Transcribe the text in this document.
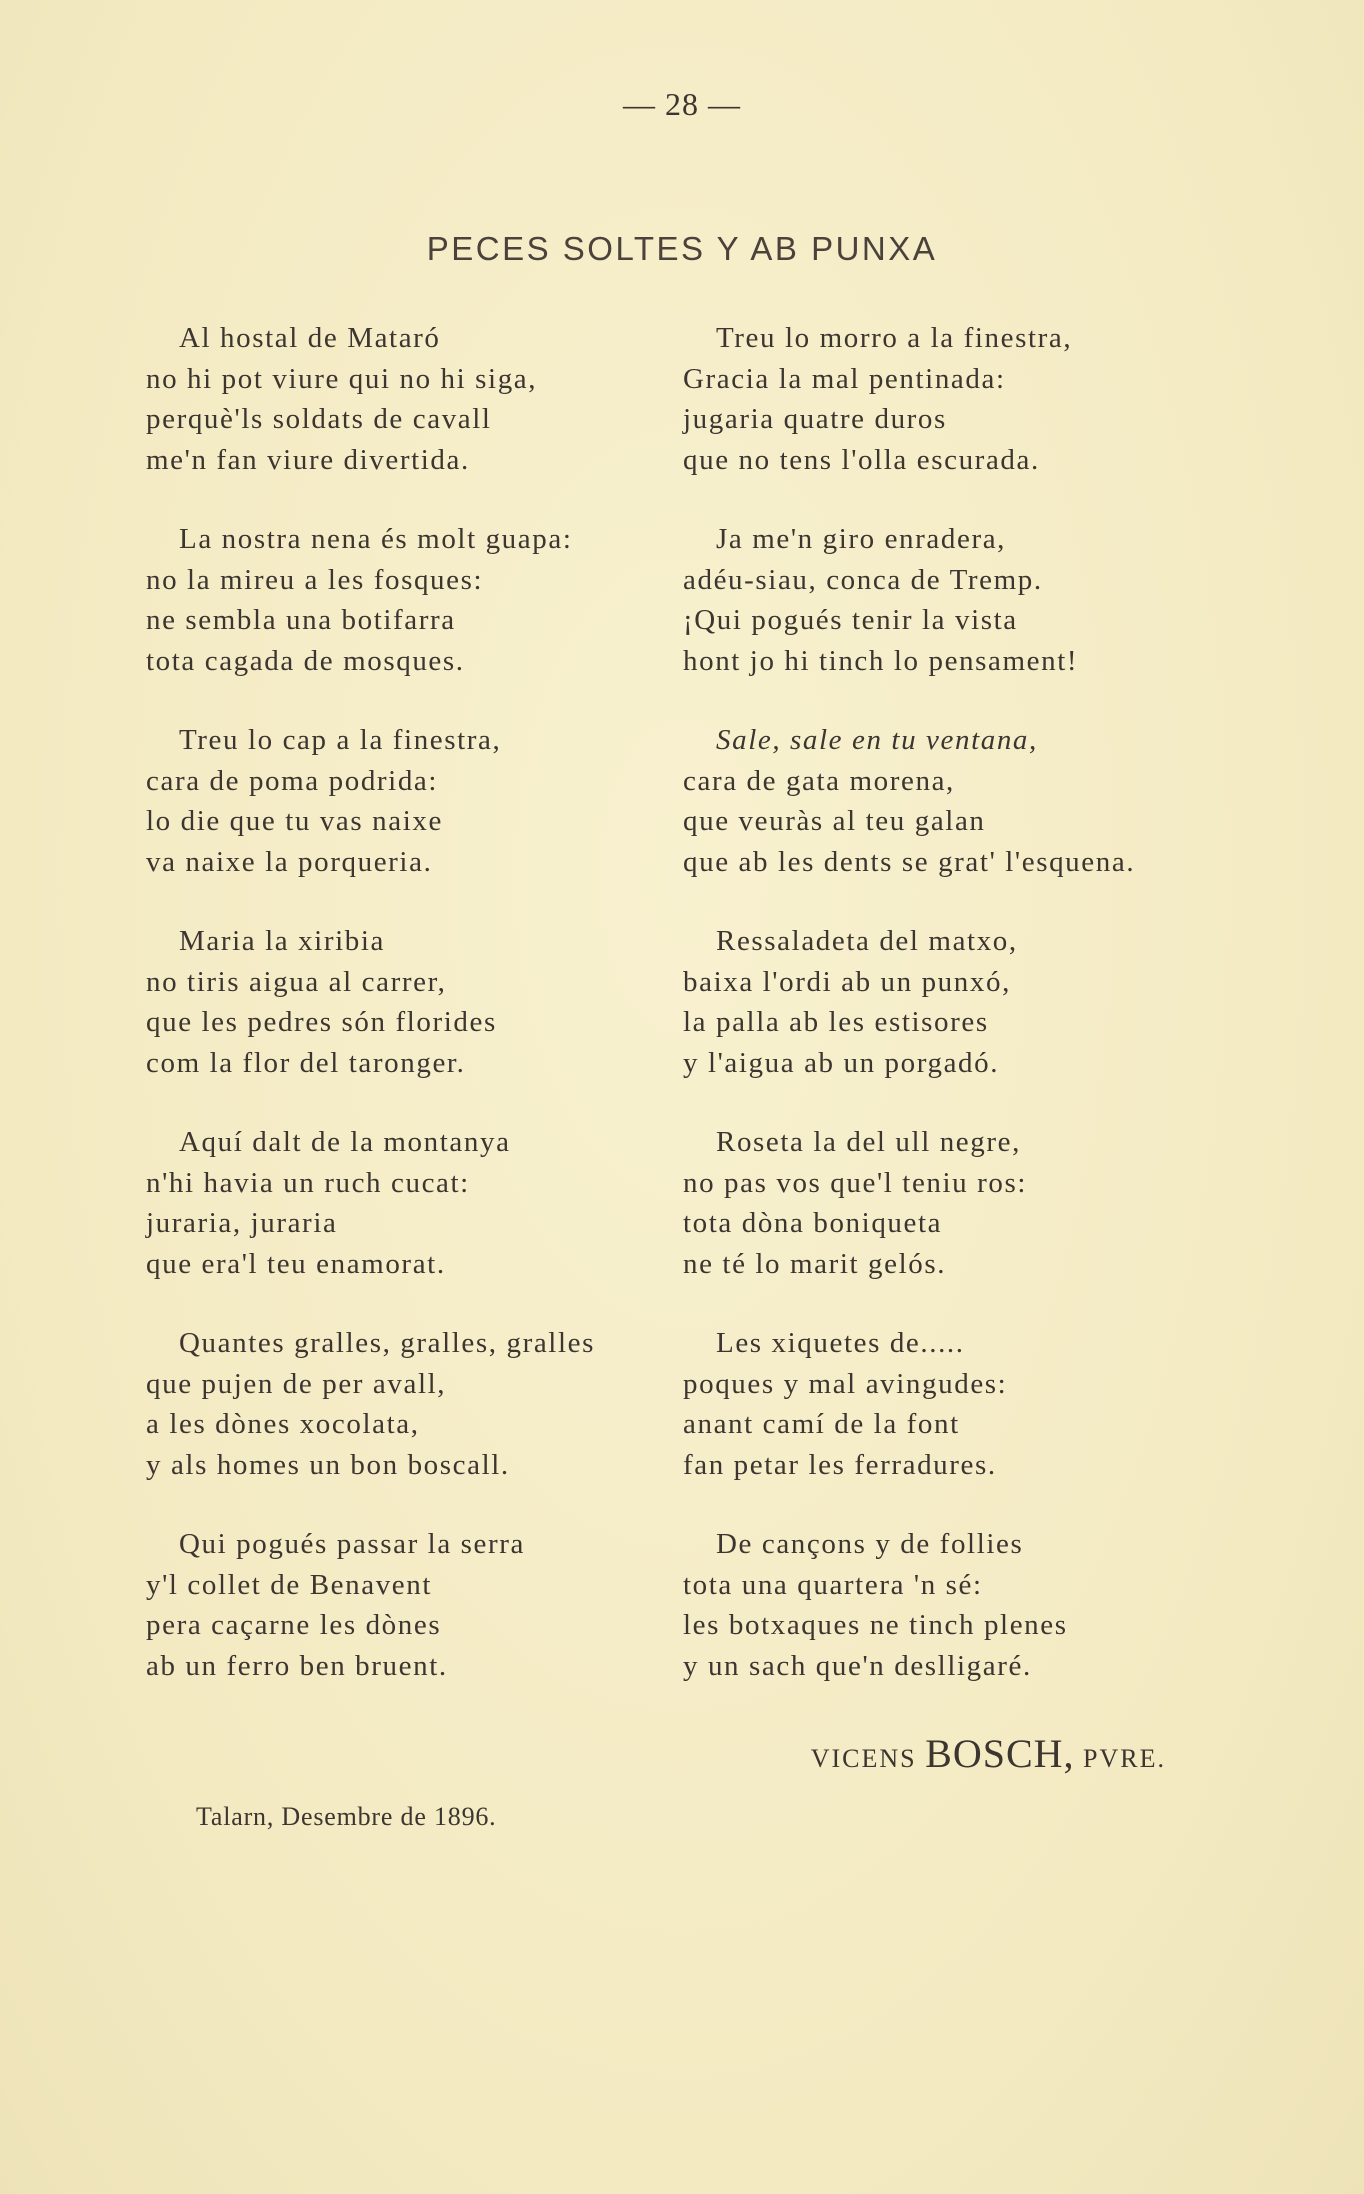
— 28 —
PECES SOLTES Y AB PUNXA
Al hostal de Mataró
no hi pot viure qui no hi siga,
perquè'ls soldats de cavall
me'n fan viure divertida.
La nostra nena és molt guapa:
no la mireu a les fosques:
ne sembla una botifarra
tota cagada de mosques.
Treu lo cap a la finestra,
cara de poma podrida:
lo die que tu vas naixe
va naixe la porqueria.
Maria la xiribia
no tiris aigua al carrer,
que les pedres són florides
com la flor del taronger.
Aquí dalt de la montanya
n'hi havia un ruch cucat:
juraria, juraria
que era'l teu enamorat.
Quantes gralles, gralles, gralles
que pujen de per avall,
a les dònes xocolata,
y als homes un bon boscall.
Qui pogués passar la serra
y'l collet de Benavent
pera caçarne les dònes
ab un ferro ben bruent.
Treu lo morro a la finestra,
Gracia la mal pentinada:
jugaria quatre duros
que no tens l'olla escurada.
Ja me'n giro enradera,
adéu-siau, conca de Tremp.
¡Qui pogués tenir la vista
hont jo hi tinch lo pensament!
Sale, sale en tu ventana,
cara de gata morena,
que veuràs al teu galan
que ab les dents se grat' l'esquena.
Ressaladeta del matxo,
baixa l'ordi ab un punxó,
la palla ab les estisores
y l'aigua ab un porgadó.
Roseta la del ull negre,
no pas vos que'l teniu ros:
tota dòna boniqueta
ne té lo marit gelós.
Les xiquetes de.....
poques y mal avingudes:
anant camí de la font
fan petar les ferradures.
De cançons y de follies
tota una quartera 'n sé:
les botxaques ne tinch plenes
y un sach que'n deslligaré.
VICENS BOSCH, PVRE.
Talarn, Desembre de 1896.
